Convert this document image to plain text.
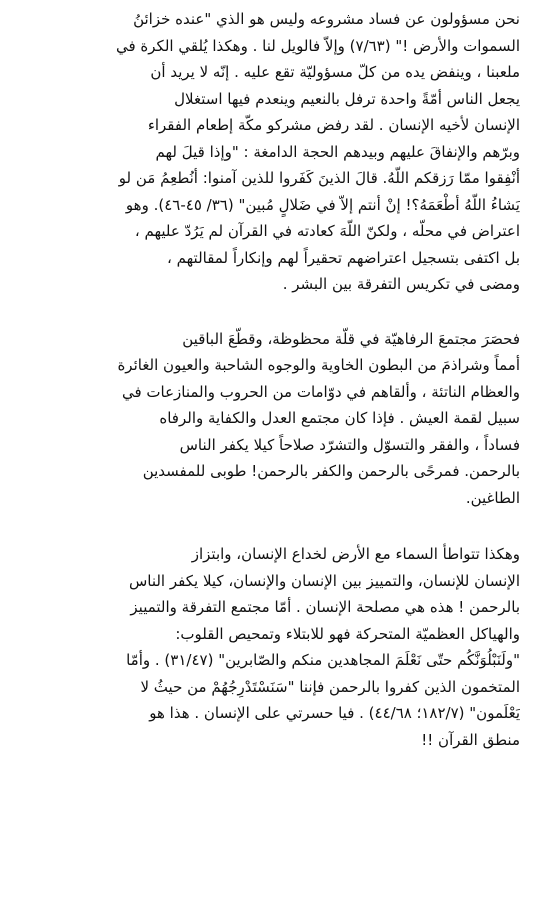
نحن مسؤولون عن فساد مشروعه وليس هو الذي "عنده خزائنُ
السموات والأرض !" (٧/٦٣) وإلاّ فالويل لنا . وهكذا يُلقي الكرة في
ملعبنا ، وينفض يده من كلّ مسؤوليّة تقع عليه . إنّه لا يريد أن
يجعل الناس أمّةً واحدة ترفل بالنعيم وينعدم فيها استغلال
الإنسان لأخيه الإنسان . لقد رفض مشركو مكّة إطعام الفقراء
وبرّهم والإنفاقَ عليهم وبيدهم الحجة الدامغة : "وإذا قيلَ لهم
أنْفِقوا ممّا رَزقكم اللّهُ. قالَ الذينَ كَفَروا للذين آمنوا: أنُطعِمُ مَن لو
يَشاءُ اللّهُ أطْعَمَهُ؟! إنْ أنتم إلاّ في ضَلالٍ مُبين" (٣٦/ ٤٥-٤٦). وهو
اعتراض في محلّه ، ولكنّ اللّهَ كعادته في القرآن لم يَرُدّ عليهم ،
بل اكتفى بتسجيل اعتراضهم تحقيراً لهم وإنكاراً لمقالتهم ،
ومضى في تكريس التفرقة بين البشر .
فحصَرَ مجتمعَ الرفاهيّة في قلّة محظوظة، وقطّعَ الباقين
أمماً وشراذمَ من البطون الخاوية والوجوه الشاحبة والعيون الغائرة
والعظام الناتئة ، وألقاهم في دوّامات من الحروب والمنازعات في
سبيل لقمة العيش . فإذا كان مجتمع العدل والكفاية والرفاه
فساداً ، والفقر والتسوّل والتشرّد صلاحاً كيلا يكفر الناس
بالرحمن. فمرحًى بالرحمن والكفر بالرحمن! طوبى للمفسدين
الطاغين.
وهكذا تتواطأ السماء مع الأرض لخداع الإنسان، وابتزاز
الإنسان للإنسان، والتمييز بين الإنسان والإنسان، كيلا يكفر الناس
بالرحمن ! هذه هي مصلحة الإنسان . أمّا مجتمع التفرقة والتمييز
والهياكل العظميّة المتحركة فهو للابتلاء وتمحيص القلوب:
"ولَنَبْلُوَنَّكُم حتّى نَعْلَمَ المجاهدين منكم والصّابرين" (٣١/٤٧) . وأمّا
المتخمون الذين كفروا بالرحمن فإننا "سَنَسْتَدْرِجُهُمْ من حيثُ لا
يَعْلَمون" (١٨٢/٧؛ ٤٤/٦٨) . فيا حسرتي على الإنسان . هذا هو
منطق القرآن !!
